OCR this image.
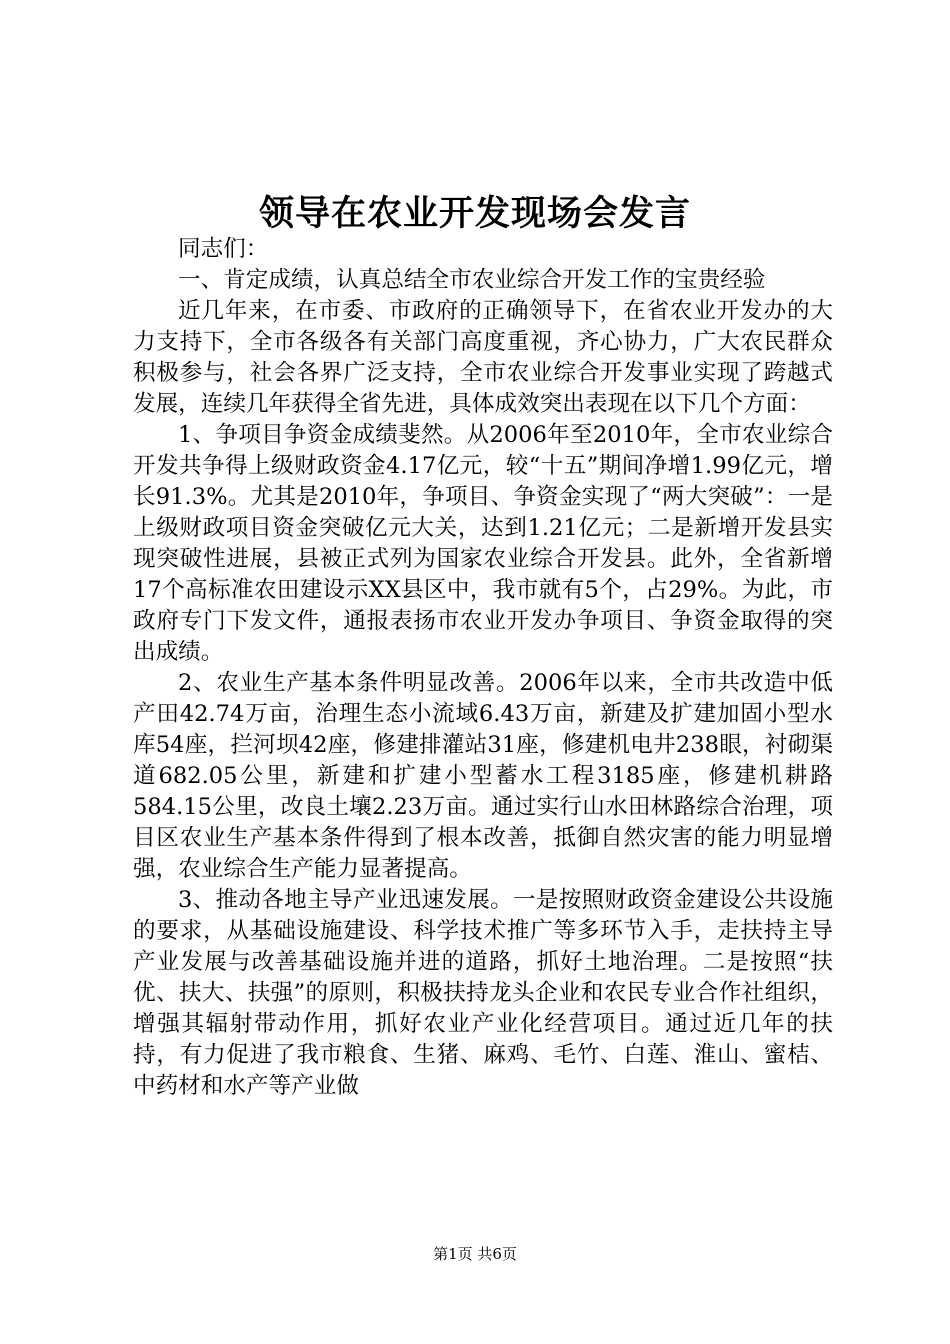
领导在农业开发现场会发言

同志们：

一、肯定成绩，认真总结全市农业综合开发工作的宝贵经验

近几年来，在市委、市政府的正确领导下，在省农业开发办的大力支持下，全市各级各有关部门高度重视，齐心协力，广大农民群众积极参与，社会各界广泛支持，全市农业综合开发事业实现了跨越式发展，连续几年获得全省先进，具体成效突出表现在以下几个方面：

1、争项目争资金成绩斐然。从2006年至2010年，全市农业综合开发共争得上级财政资金4.17亿元，较“十五”期间净增1.99亿元，增长91.3%。尤其是2010年，争项目、争资金实现了“两大突破”：一是上级财政项目资金突破亿元大关，达到1.21亿元；二是新增开发县实现突破性进展，县被正式列为国家农业综合开发县。此外，全省新增17个高标准农田建设示XX县区中，我市就有5个，占29%。为此，市政府专门下发文件，通报表扬市农业开发办争项目、争资金取得的突出成绩。

2、农业生产基本条件明显改善。2006年以来，全市共改造中低产田42.74万亩，治理生态小流域6.43万亩，新建及扩建加固小型水库54座，拦河坝42座，修建排灌站31座，修建机电井238眼，衬砌渠道682.05公里，新建和扩建小型蓄水工程3185座，修建机耕路584.15公里，改良土壤2.23万亩。通过实行山水田林路综合治理，项目区农业生产基本条件得到了根本改善，抵御自然灾害的能力明显增强，农业综合生产能力显著提高。

3、推动各地主导产业迅速发展。一是按照财政资金建设公共设施的要求，从基础设施建设、科学技术推广等多环节入手，走扶持主导产业发展与改善基础设施并进的道路，抓好土地治理。二是按照“扶优、扶大、扶强”的原则，积极扶持龙头企业和农民专业合作社组织，增强其辐射带动作用，抓好农业产业化经营项目。通过近几年的扶持，有力促进了我市粮食、生猪、麻鸡、毛竹、白莲、淮山、蜜桔、中药材和水产等产业做

第1页 共6页
